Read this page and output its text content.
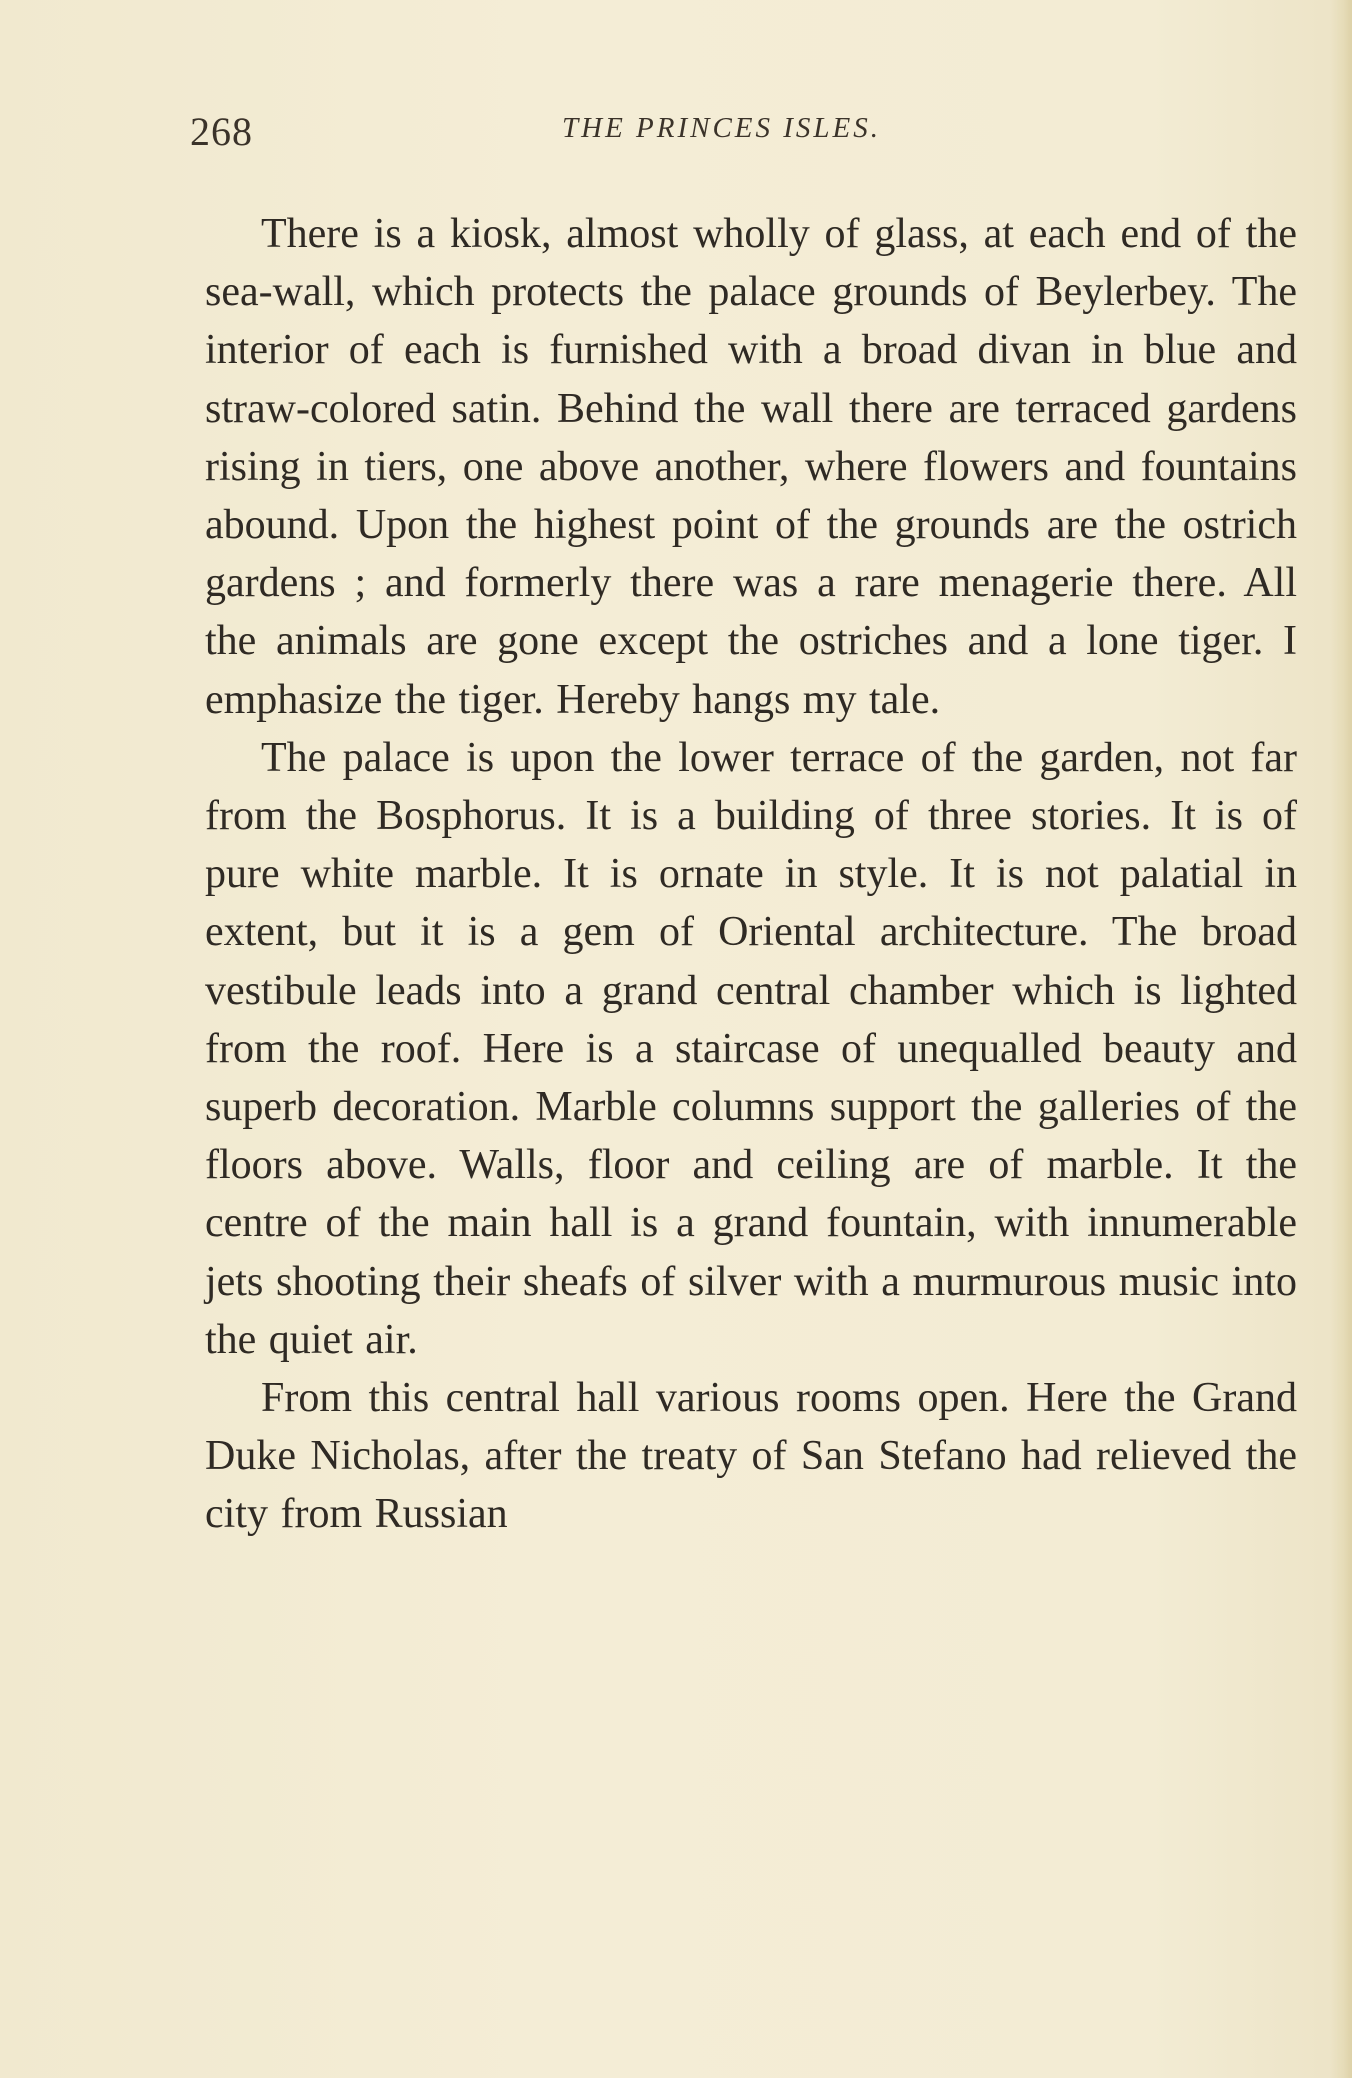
268	THE PRINCES ISLES.

There is a kiosk, almost wholly of glass, at each end of the sea-wall, which protects the palace grounds of Beylerbey. The interior of each is furnished with a broad divan in blue and straw-colored satin. Behind the wall there are terraced gardens rising in tiers, one above another, where flowers and fountains abound. Upon the highest point of the grounds are the ostrich gardens ; and formerly there was a rare menagerie there. All the animals are gone except the ostriches and a lone tiger. I emphasize the tiger. Hereby hangs my tale.

The palace is upon the lower terrace of the garden, not far from the Bosphorus. It is a building of three stories. It is of pure white marble. It is ornate in style. It is not palatial in extent, but it is a gem of Oriental architecture. The broad vestibule leads into a grand central chamber which is lighted from the roof. Here is a staircase of unequalled beauty and superb decoration. Marble columns support the galleries of the floors above. Walls, floor and ceiling are of marble. It the centre of the main hall is a grand fountain, with innumerable jets shooting their sheafs of silver with a murmurous music into the quiet air.

From this central hall various rooms open. Here the Grand Duke Nicholas, after the treaty of San Stefano had relieved the city from Russian
